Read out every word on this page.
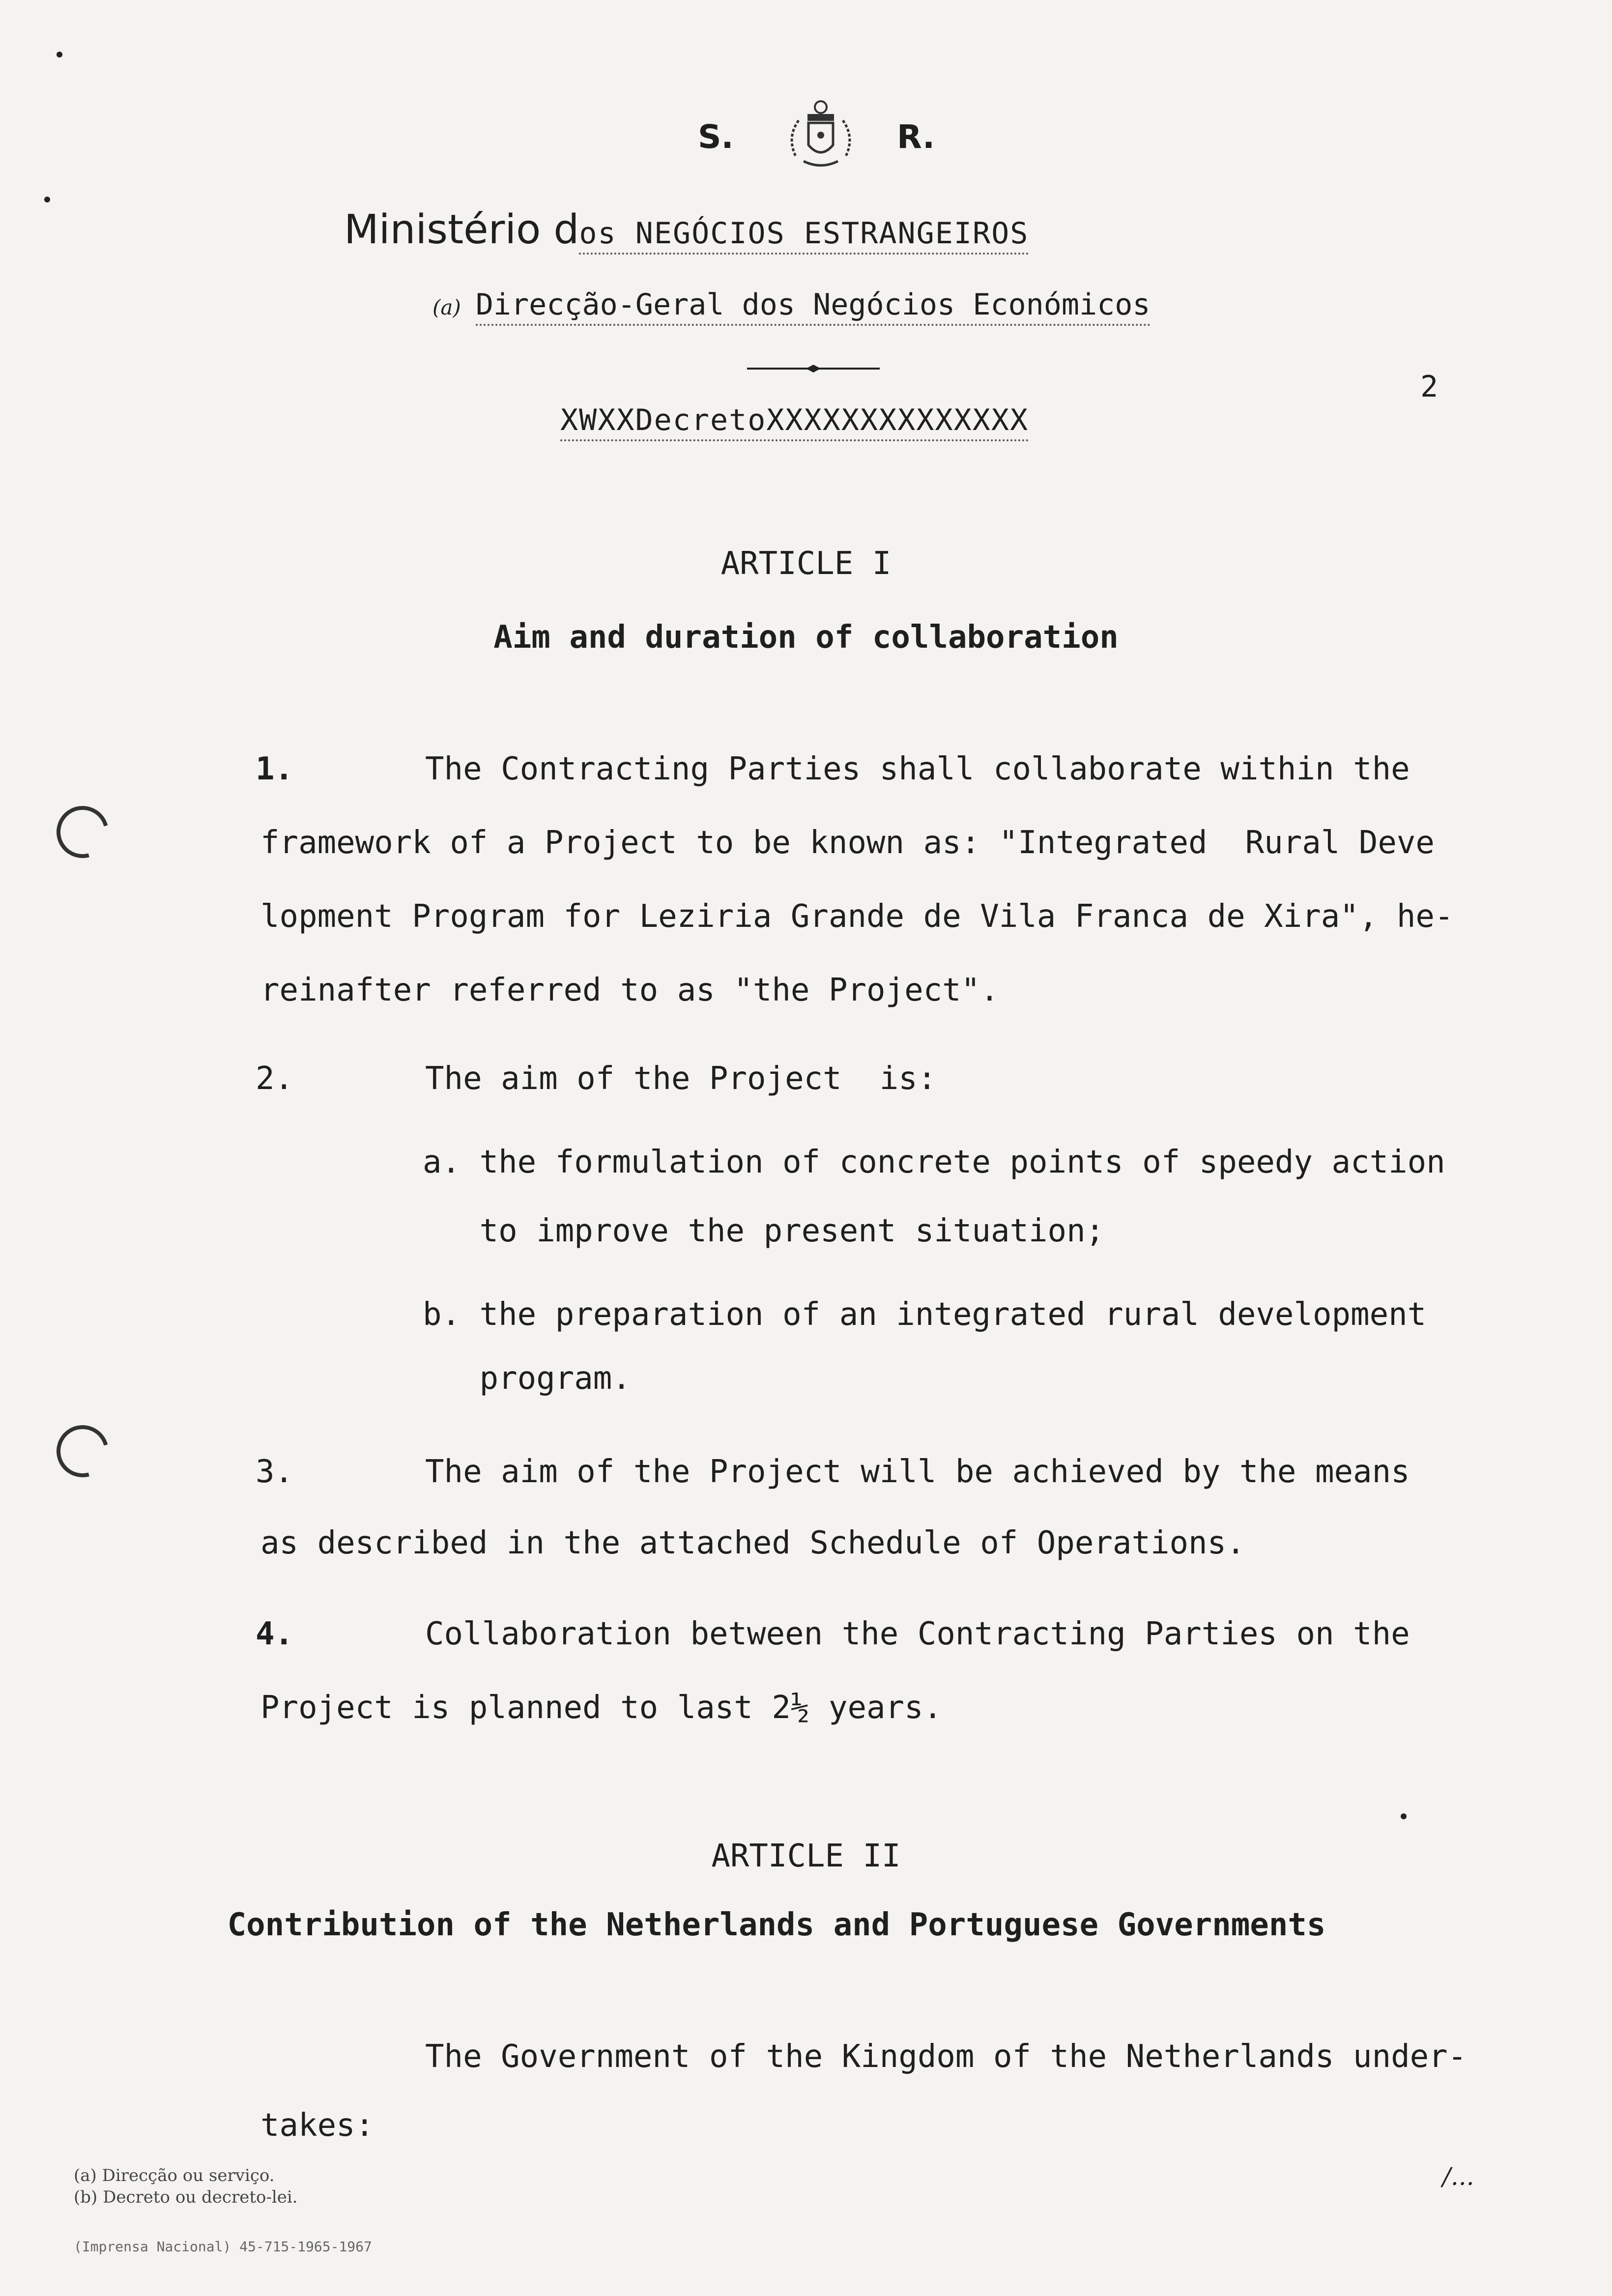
S.	R.
Ministério dos NEGÓCIOS ESTRANGEIROS
(a) Direcção-Geral dos Negócios Económicos
2
XWXXDecretoXXXXXXXXXXXXXX
ARTICLE I
Aim and duration of collaboration
1.	The Contracting Parties shall collaborate within the
framework of a Project to be known as: "Integrated  Rural Deve
lopment Program for Leziria Grande de Vila Franca de Xira", he-
reinafter referred to as "the Project".
2.	The aim of the Project  is:
a. the formulation of concrete points of speedy action
to improve the present situation;
b. the preparation of an integrated rural development
program.
3.	The aim of the Project will be achieved by the means
as described in the attached Schedule of Operations.
4.	Collaboration between the Contracting Parties on the
Project is planned to last 2½ years.
ARTICLE II
Contribution of the Netherlands and Portuguese Governments
The Government of the Kingdom of the Netherlands under-
takes:
(a) Direcção ou serviço.
(b) Decreto ou decreto-lei.
(Imprensa Nacional) 45-715-1965-1967
/...
